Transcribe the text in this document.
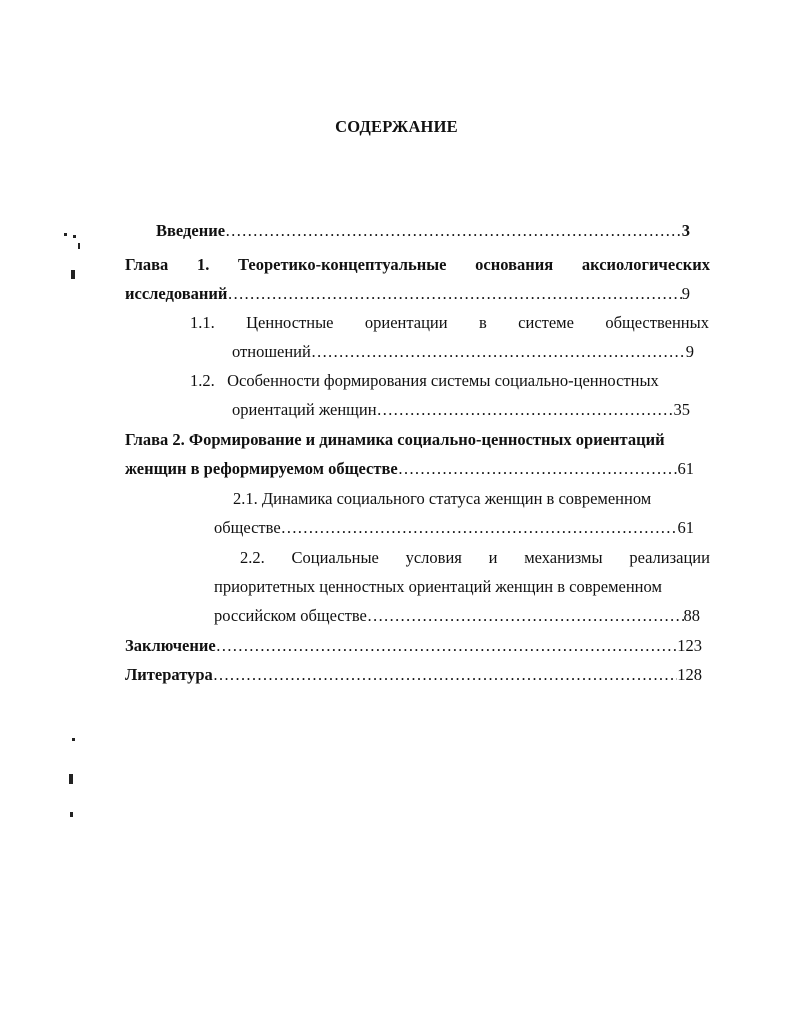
СОДЕРЖАНИЕ
Введение ……………………………………………………………………………………………………………………………………………………	3
Глава 1. Теоретико-концептуальные основания аксиологических
исследований ……………………………………………………………………………………………………………………………………………………	9
1.1. Ценностные ориентации в системе общественных
отношений ……………………………………………………………………………………………………………………………………………………	9
1.2.   Особенности формирования системы социально-ценностных
ориентаций женщин ……………………………………………………………………………………………………………………………………………………	35
Глава 2. Формирование и динамика социально-ценностных ориентаций
женщин в реформируемом обществе ……………………………………………………………………………………………………………………………………………………	61
2.1. Динамика социального статуса женщин в современном
обществе ……………………………………………………………………………………………………………………………………………………	61
2.2. Социальные условия и механизмы реализации
приоритетных ценностных ориентаций женщин в современном
российском обществе ……………………………………………………………………………………………………………………………………………………	88
Заключение ……………………………………………………………………………………………………………………………………………………	123
Литература ……………………………………………………………………………………………………………………………………………………	128
